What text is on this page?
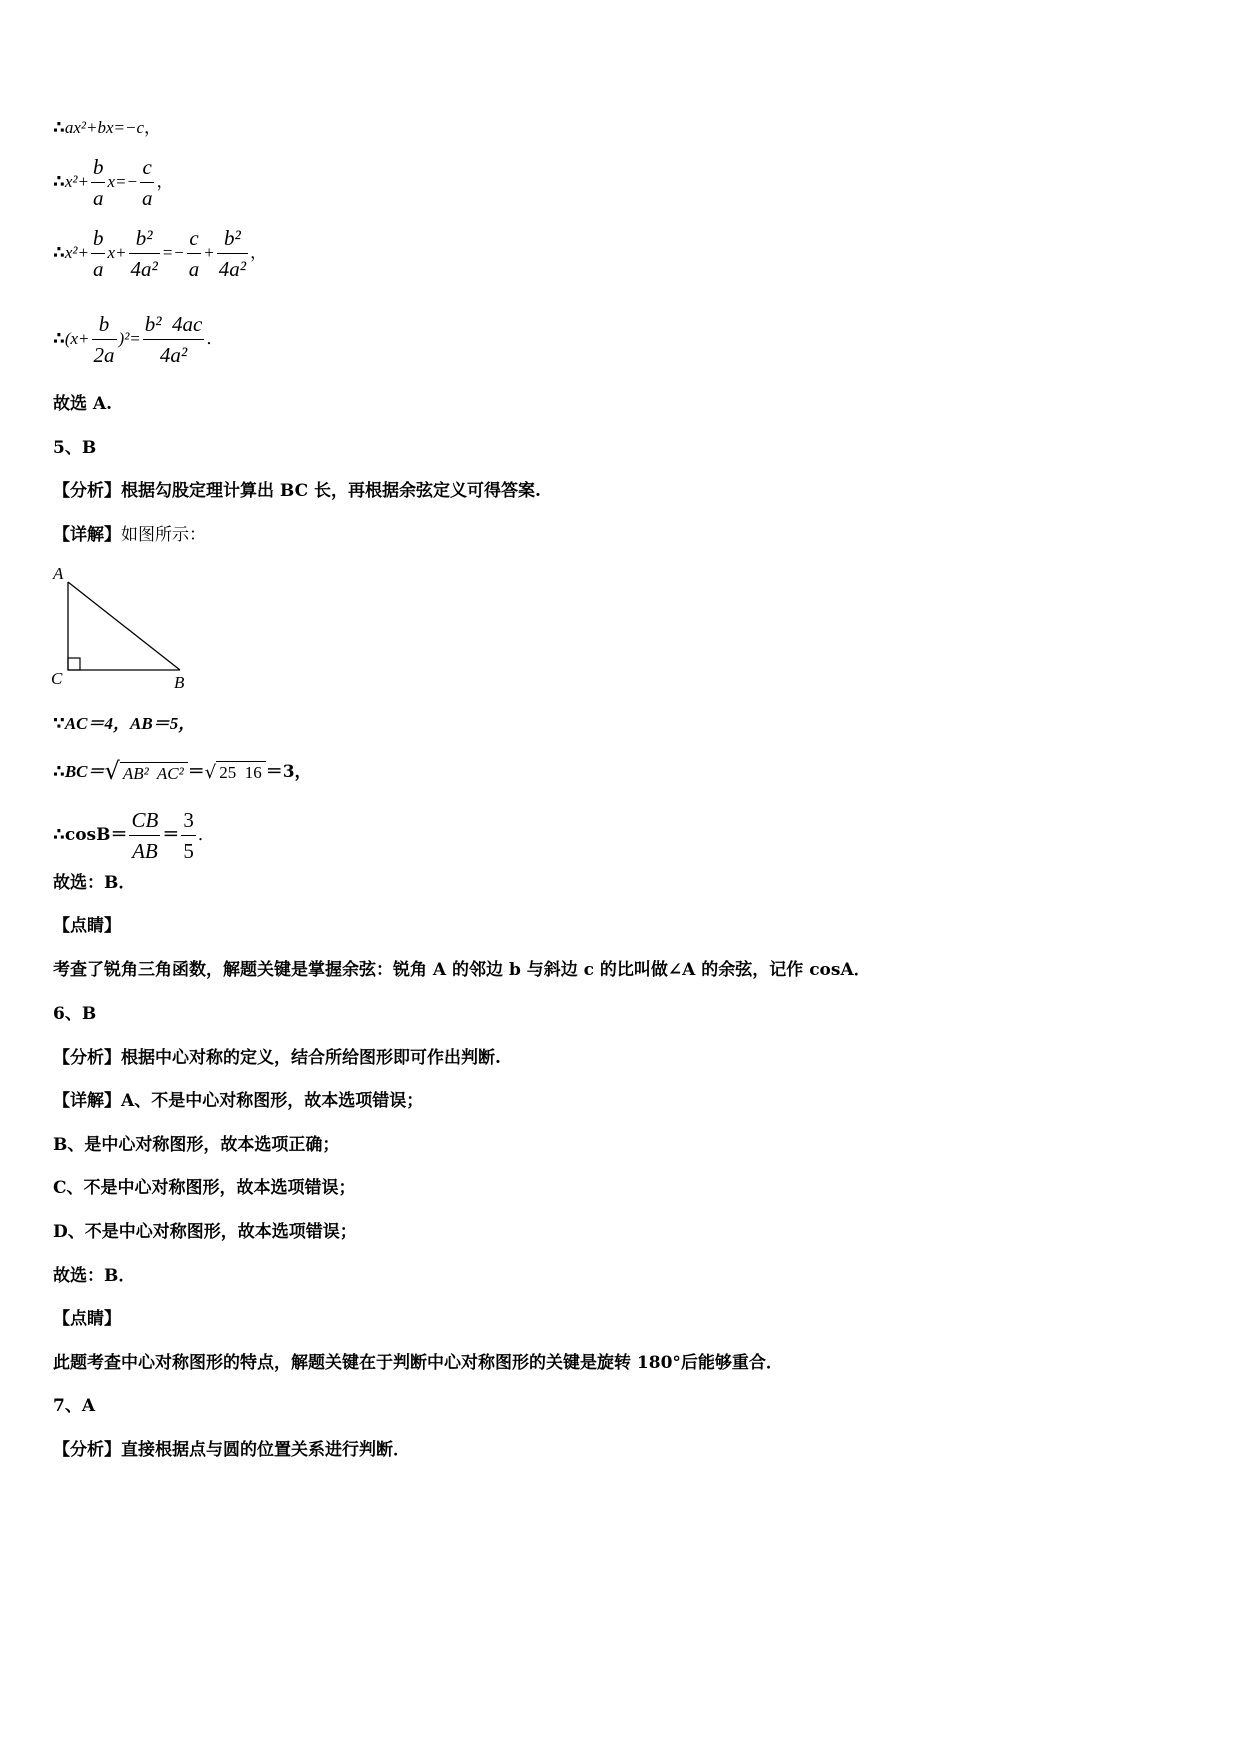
∴ax²+bx=−c，
∴x²+ $\frac{b}{a} x=- \frac{c}{a}$ ，
∴x²+ $\frac{b}{a} x+ \frac{\text{b²}}{\text{4a²}} =- \frac{c}{a} + \frac{\text{b²}}{\text{4a²}}$ ，
∴(x+ $\frac{b}{2a} )^2= \frac{\text{b²  4ac}}{\text{4a²}}$ ．
故选 A.
5、B
【分析】根据勾股定理计算出 BC 长，再根据余弦定义可得答案.
【详解】如图所示：
A
C	B
∵AC＝4，AB＝5，
∴BC＝√ AB²  AC² ＝√ 25  16 ＝3，
∴cosB＝ $\frac{CB}{AB} = \frac{3}{5}$ ．
故选：B．
【点睛】
考查了锐角三角函数，解题关键是掌握余弦：锐角 A 的邻边 b 与斜边 c 的比叫做∠A 的余弦，记作 cosA．
6、B
【分析】根据中心对称的定义，结合所给图形即可作出判断.
【详解】A、不是中心对称图形，故本选项错误；
B、是中心对称图形，故本选项正确；
C、不是中心对称图形，故本选项错误；
D、不是中心对称图形，故本选项错误；
故选：B．
【点睛】
此题考查中心对称图形的特点，解题关键在于判断中心对称图形的关键是旋转 180°后能够重合．
7、A
【分析】直接根据点与圆的位置关系进行判断．
